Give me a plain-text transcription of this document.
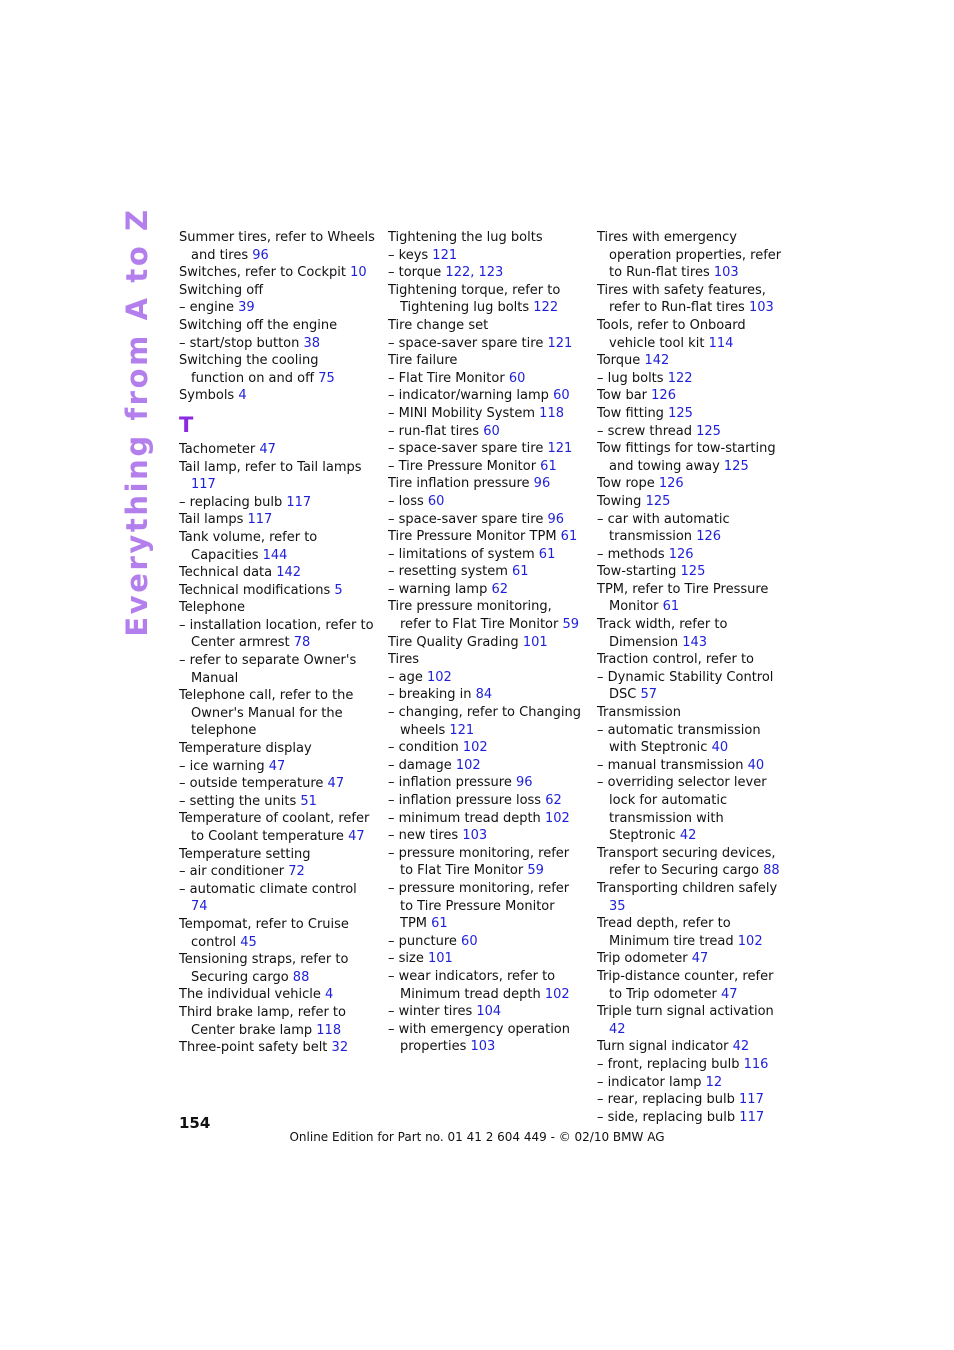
Everything from A to Z Summer tires, refer to Wheels and tires 96
Switches, refer to Cockpit 10
Switching off
– engine 39
Switching off the engine
– start/stop button 38
Switching the cooling function on and off 75
Symbols 4
T
Tachometer 47
Tail lamp, refer to Tail lamps 117
– replacing bulb 117
Tail lamps 117
Tank volume, refer to Capacities 144
Technical data 142
Technical modifications 5
Telephone
– installation location, refer to Center armrest 78
– refer to separate Owner's Manual
Telephone call, refer to the Owner's Manual for the telephone
Temperature display
– ice warning 47
– outside temperature 47
– setting the units 51
Temperature of coolant, refer to Coolant temperature 47
Temperature setting
– air conditioner 72
– automatic climate control 74
Tempomat, refer to Cruise control 45
Tensioning straps, refer to Securing cargo 88
The individual vehicle 4
Third brake lamp, refer to Center brake lamp 118
Three-point safety belt 32
Tightening the lug bolts
– keys 121
– torque 122, 123
Tightening torque, refer to Tightening lug bolts 122
Tire change set
– space-saver spare tire 121
Tire failure
– Flat Tire Monitor 60
– indicator/warning lamp 60
– MINI Mobility System 118
– run-flat tires 60
– space-saver spare tire 121
– Tire Pressure Monitor 61
Tire inflation pressure 96
– loss 60
– space-saver spare tire 96
Tire Pressure Monitor TPM 61
– limitations of system 61
– resetting system 61
– warning lamp 62
Tire pressure monitoring, refer to Flat Tire Monitor 59
Tire Quality Grading 101
Tires
– age 102
– breaking in 84
– changing, refer to Changing wheels 121
– condition 102
– damage 102
– inflation pressure 96
– inflation pressure loss 62
– minimum tread depth 102
– new tires 103
– pressure monitoring, refer to Flat Tire Monitor 59
– pressure monitoring, refer to Tire Pressure Monitor TPM 61
– puncture 60
– size 101
– wear indicators, refer to Minimum tread depth 102
– winter tires 104
– with emergency operation properties 103
Tires with emergency operation properties, refer to Run-flat tires 103
Tires with safety features, refer to Run-flat tires 103
Tools, refer to Onboard vehicle tool kit 114
Torque 142
– lug bolts 122
Tow bar 126
Tow fitting 125
– screw thread 125
Tow fittings for tow-starting and towing away 125
Tow rope 126
Towing 125
– car with automatic transmission 126
– methods 126
Tow-starting 125
TPM, refer to Tire Pressure Monitor 61
Track width, refer to Dimension 143
Traction control, refer to
– Dynamic Stability Control DSC 57
Transmission
– automatic transmission with Steptronic 40
– manual transmission 40
– overriding selector lever lock for automatic transmission with Steptronic 42
Transport securing devices, refer to Securing cargo 88
Transporting children safely 35
Tread depth, refer to Minimum tire tread 102
Trip odometer 47
Trip-distance counter, refer to Trip odometer 47
Triple turn signal activation 42
Turn signal indicator 42
– front, replacing bulb 116
– indicator lamp 12
– rear, replacing bulb 117
– side, replacing bulb 117
154
Online Edition for Part no. 01 41 2 604 449 - © 02/10 BMW AG
